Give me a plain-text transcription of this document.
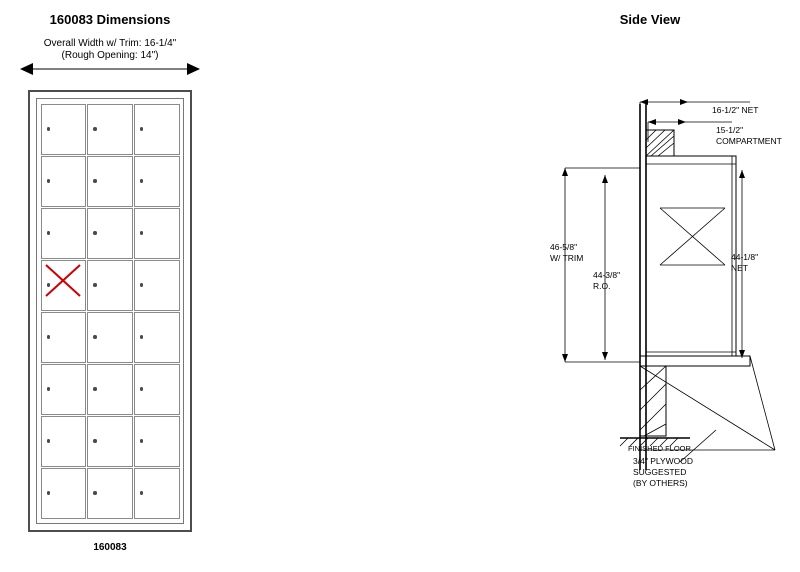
160083 Dimensions
Overall Width w/ Trim: 16-1/4"
(Rough Opening: 14")
160083
Side View
16-1/2" NET
15-1/2"
COMPARTMENT
46-5/8"
W/ TRIM
44-3/8"
R.O.
44-1/8"
NET
FINISHED FLOOR
3/4" PLYWOOD
SUGGESTED
(BY OTHERS)
